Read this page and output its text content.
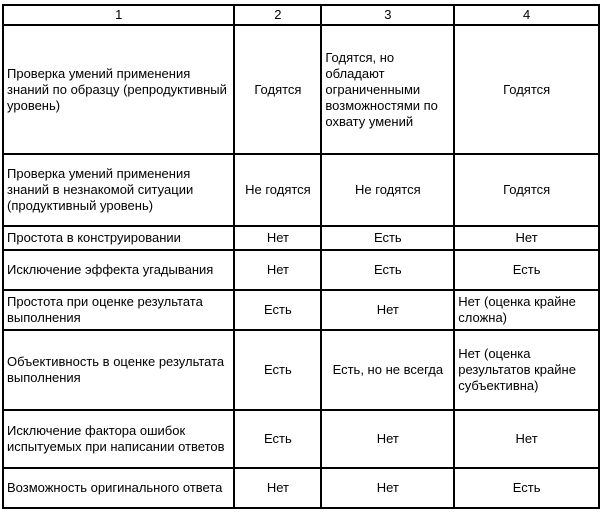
1	2	3	4
Проверка умений применения знаний по образцу (репродуктивный уровень)	Годятся	Годятся, но обладают ограниченными возможностями по охвату умений	Годятся
Проверка умений применения знаний в незнакомой ситуации (продуктивный уровень)	Не годятся	Не годятся	Годятся
Простота в конструировании	Нет	Есть	Нет
Исключение эффекта угадывания	Нет	Есть	Есть
Простота при оценке результата выполнения	Есть	Нет	Нет (оценка крайне сложна)
Объективность в оценке результата выполнения	Есть	Есть, но не всегда	Нет (оценка результатов крайне субъективна)
Исключение фактора ошибок испытуемых при написании ответов	Есть	Нет	Нет
Возможность оригинального ответа	Нет	Нет	Есть
